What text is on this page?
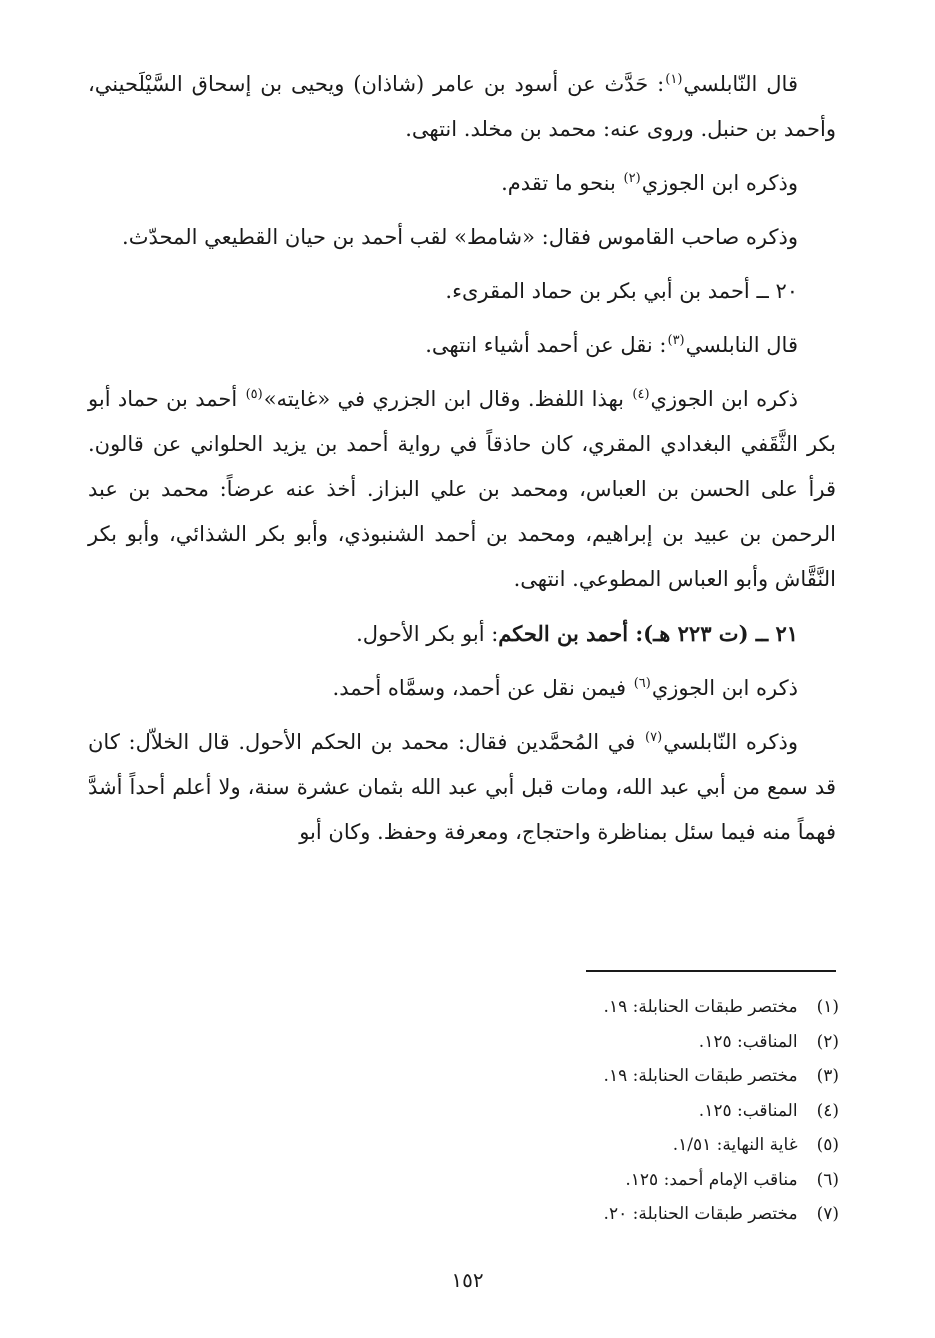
قال النّابلسي$^{(١)}$: حَدَّث عن أسود بن عامر (شاذان) ويحيى بن إسحاق السَّيْلَحيني، وأحمد بن حنبل. وروى عنه: محمد بن مخلد. انتهى.

وذكره ابن الجوزي$^{(٢)}$ بنحو ما تقدم.

وذكره صاحب القاموس فقال: «شامط» لقب أحمد بن حيان القطيعي المحدّث.

٢٠ ــ أحمد بن أبي بكر بن حماد المقرىء.

قال النابلسي$^{(٣)}$: نقل عن أحمد أشياء انتهى.

ذكره ابن الجوزي$^{(٤)}$ بهذا اللفظ. وقال ابن الجزري في «غايته»$^{(٥)}$ أحمد بن حماد أبو بكر الثَّقَفي البغدادي المقري، كان حاذقاً في رواية أحمد بن يزيد الحلواني عن قالون. قرأ على الحسن بن العباس، ومحمد بن علي البزاز. أخذ عنه عرضاً: محمد بن عبد الرحمن بن عبيد بن إبراهيم، ومحمد بن أحمد الشنبوذي، وأبو بكر الشذائي، وأبو بكر النَّقَّاش وأبو العباس المطوعي. انتهى.

٢١ ــ (ت ٢٢٣ هـ): أحمد بن الحكم: أبو بكر الأحول.

ذكره ابن الجوزي$^{(٦)}$ فيمن نقل عن أحمد، وسمَّاه أحمد.

وذكره النّابلسي$^{(٧)}$ في المُحمَّدين فقال: محمد بن الحكم الأحول. قال الخلاّل: كان قد سمع من أبي عبد الله، ومات قبل أبي عبد الله بثمان عشرة سنة، ولا أعلم أحداً أشدَّ فهماً منه فيما سئل بمناظرة واحتجاج، ومعرفة وحفظ. وكان أبو

(١) مختصر طبقات الحنابلة: ١٩.
(٢) المناقب: ١٢٥.
(٣) مختصر طبقات الحنابلة: ١٩.
(٤) المناقب: ١٢٥.
(٥) غاية النهاية: ١/٥١.
(٦) مناقب الإمام أحمد: ١٢٥.
(٧) مختصر طبقات الحنابلة: ٢٠.
١٥٢
